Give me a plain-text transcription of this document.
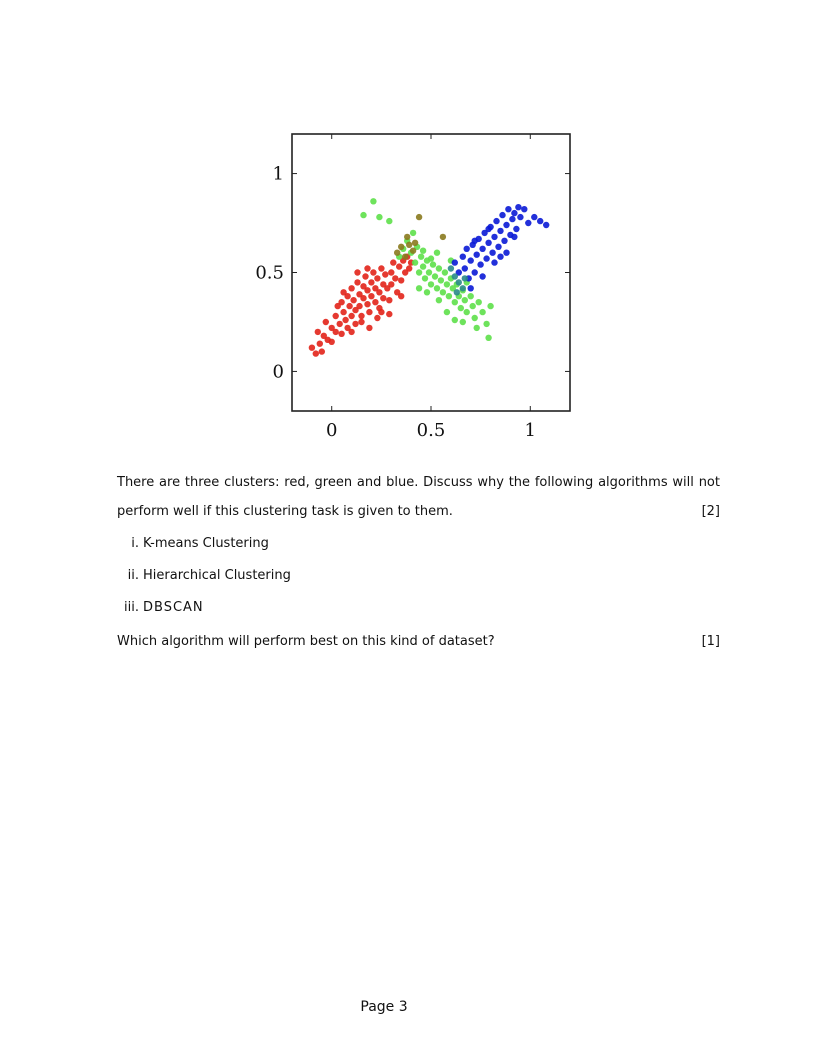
0	0.5	1
0
0.5
1
There are three clusters: red, green and blue. Discuss why the following algorithms will not
perform well if this clustering task is given to them.	[2]
i. K-means Clustering
ii. Hierarchical Clustering
iii. DBSCAN
Which algorithm will perform best on this kind of dataset?	[1]
Page 3
